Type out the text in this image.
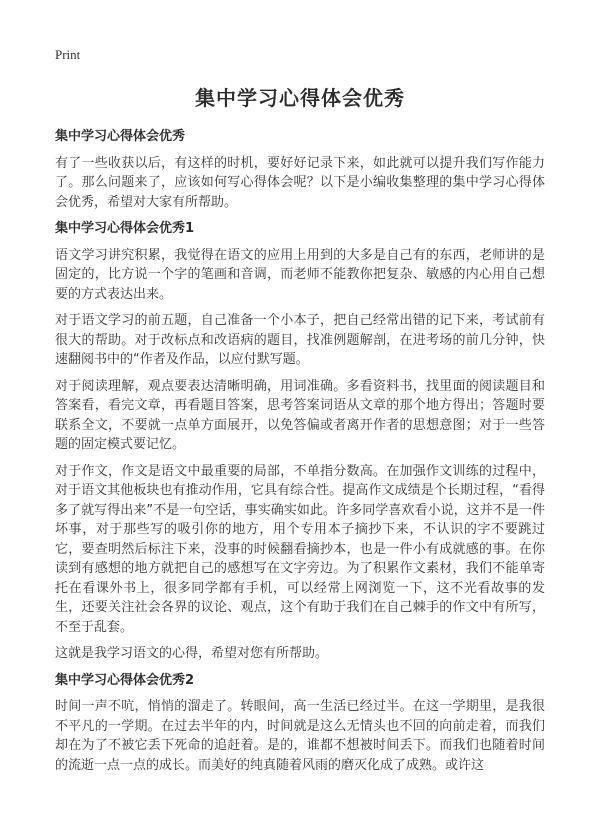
Print
集中学习心得体会优秀
集中学习心得体会优秀
有了一些收获以后，有这样的时机，要好好记录下来，如此就可以提升我们写作能力了。那么问题来了，应该如何写心得体会呢？以下是小编收集整理的集中学习心得体会优秀，希望对大家有所帮助。
集中学习心得体会优秀1
语文学习讲究积累，我觉得在语文的应用上用到的大多是自己有的东西，老师讲的是固定的，比方说一个字的笔画和音调，而老师不能教你把复杂、敏感的内心用自己想要的方式表达出来。
对于语文学习的前五题，自己准备一个小本子，把自己经常出错的记下来，考试前有很大的帮助。对于改标点和改语病的题目，找准例题解剖，在进考场的前几分钟，快速翻阅书中的“作者及作品，以应付默写题。
对于阅读理解，观点要表达清晰明确，用词准确。多看资料书，找里面的阅读题目和答案看，看完文章，再看题目答案，思考答案词语从文章的那个地方得出；答题时要联系全文，不要就一点单方面展开，以免答偏或者离开作者的思想意图；对于一些答题的固定模式要记忆。
对于作文，作文是语文中最重要的局部，不单指分数高。在加强作文训练的过程中，对于语文其他板块也有推动作用，它具有综合性。提高作文成绩是个长期过程，“看得多了就写得出来”不是一句空话，事实确实如此。许多同学喜欢看小说，这并不是一件坏事，对于那些写的吸引你的地方，用个专用本子摘抄下来，不认识的字不要跳过它，要查明然后标注下来，没事的时候翻看摘抄本，也是一件小有成就感的事。在你读到有感想的地方就把自己的感想写在文字旁边。为了积累作文素材，我们不能单寄托在看课外书上，很多同学都有手机，可以经常上网浏览一下，这不光看故事的发生，还要关注社会各界的议论、观点，这个有助于我们在自己棘手的作文中有所写，不至于乱套。
这就是我学习语文的心得，希望对您有所帮助。
集中学习心得体会优秀2
时间一声不吭，悄悄的溜走了。转眼间，高一生活已经过半。在这一学期里，是我很不平凡的一学期。在过去半年的内，时间就是这么无情头也不回的向前走着，而我们却在为了不被它丢下死命的追赶着。是的，谁都不想被时间丢下。而我们也随着时间的流逝一点一点的成长。而美好的纯真随着风雨的磨灭化成了成熟。或许这
